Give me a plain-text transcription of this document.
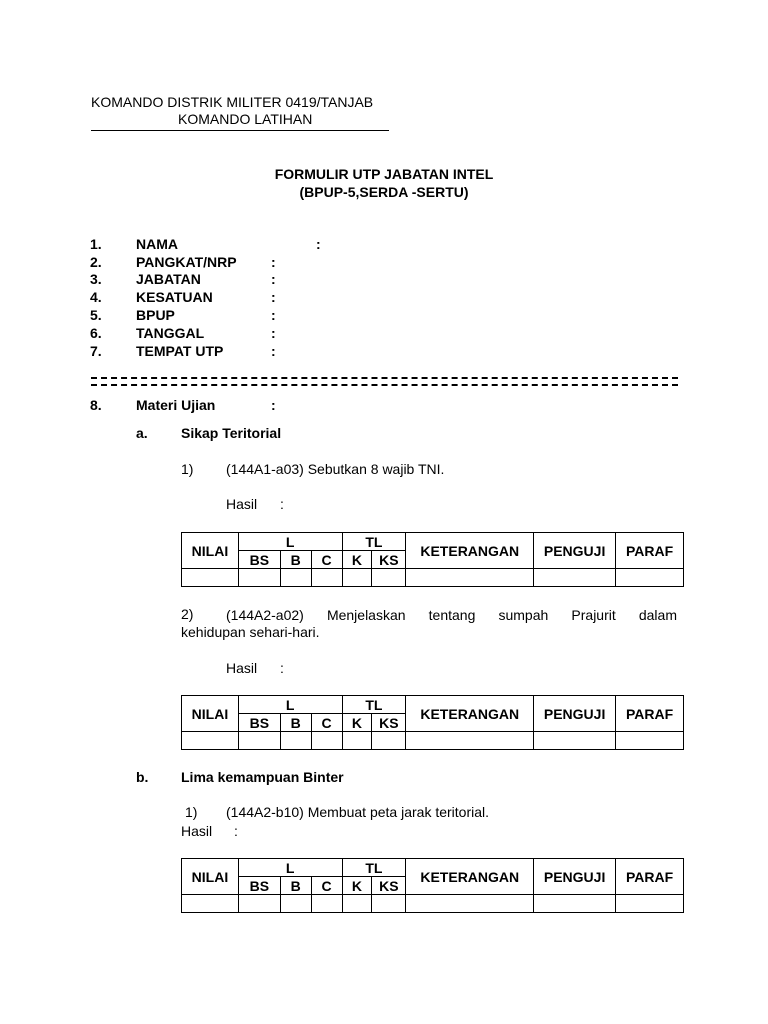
KOMANDO DISTRIK MILITER 0419/TANJAB
KOMANDO LATIHAN
FORMULIR UTP JABATAN INTEL
(BPUP-5,SERDA -SERTU)
1. NAMA	:
2. PANGKAT/NRP :
3. JABATAN	:
4. KESATUAN	:
5. BPUP	:
6. TANGGAL	:
7. TEMPAT UTP	:
8. Materi Ujian	:
a. Sikap Teritorial
1) (144A1-a03) Sebutkan 8 wajib TNI.
Hasil :
NILAI	L			TL		KETERANGAN	PENGUJI	PARAF
	BS	B	C	K	KS			

2) (144A2-a02) Menjelaskan tentang sumpah Prajurit dalam
kehidupan sehari-hari.
Hasil :
NILAI	L			TL		KETERANGAN	PENGUJI	PARAF
	BS	B	C	K	KS			

b. Lima kemampuan Binter
1) (144A2-b10) Membuat peta jarak teritorial.
Hasil :
NILAI	L			TL		KETERANGAN	PENGUJI	PARAF
	BS	B	C	K	KS			
